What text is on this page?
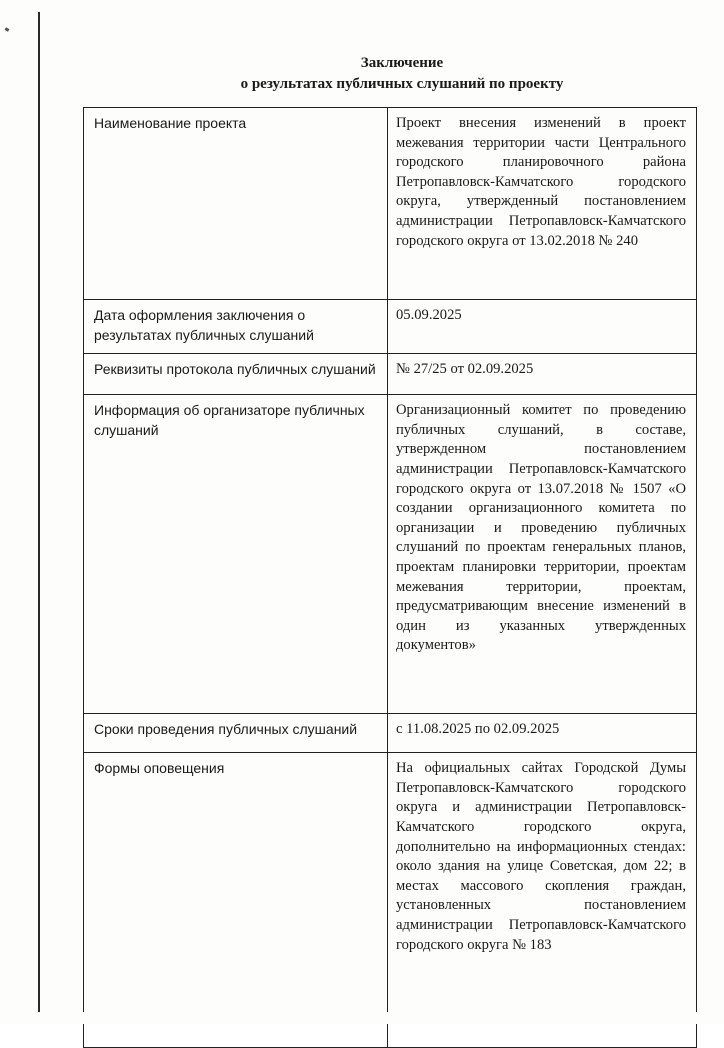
Заключение
о результатах публичных слушаний по проекту
Наименование проекта	Проект внесения изменений в проект межевания территории части Центрального городского планировочного района Петропавловск-Камчатского городского округа, утвержденный постановлением администрации Петропавловск-Камчатского городского округа от 13.02.2018 № 240
Дата оформления заключения о результатах публичных слушаний	05.09.2025
Реквизиты протокола публичных слушаний	№ 27/25 от 02.09.2025
Информация об организаторе публичных слушаний	Организационный комитет по проведению публичных слушаний, в составе, утвержденном постановлением администрации Петропавловск-Камчатского городского округа от 13.07.2018 № 1507 «О создании организационного комитета по организации и проведению публичных слушаний по проектам генеральных планов, проектам планировки территории, проектам межевания территории, проектам, предусматривающим внесение изменений в один из указанных утвержденных документов»
Сроки проведения публичных слушаний	с 11.08.2025 по 02.09.2025
Формы оповещения	На официальных сайтах Городской Думы Петропавловск-Камчатского городского округа и администрации Петропавловск-Камчатского городского округа, дополнительно на информационных стендах: около здания на улице Советская, дом 22; в местах массового скопления граждан, установленных постановлением администрации Петропавловск-Камчатского городского округа № 183
